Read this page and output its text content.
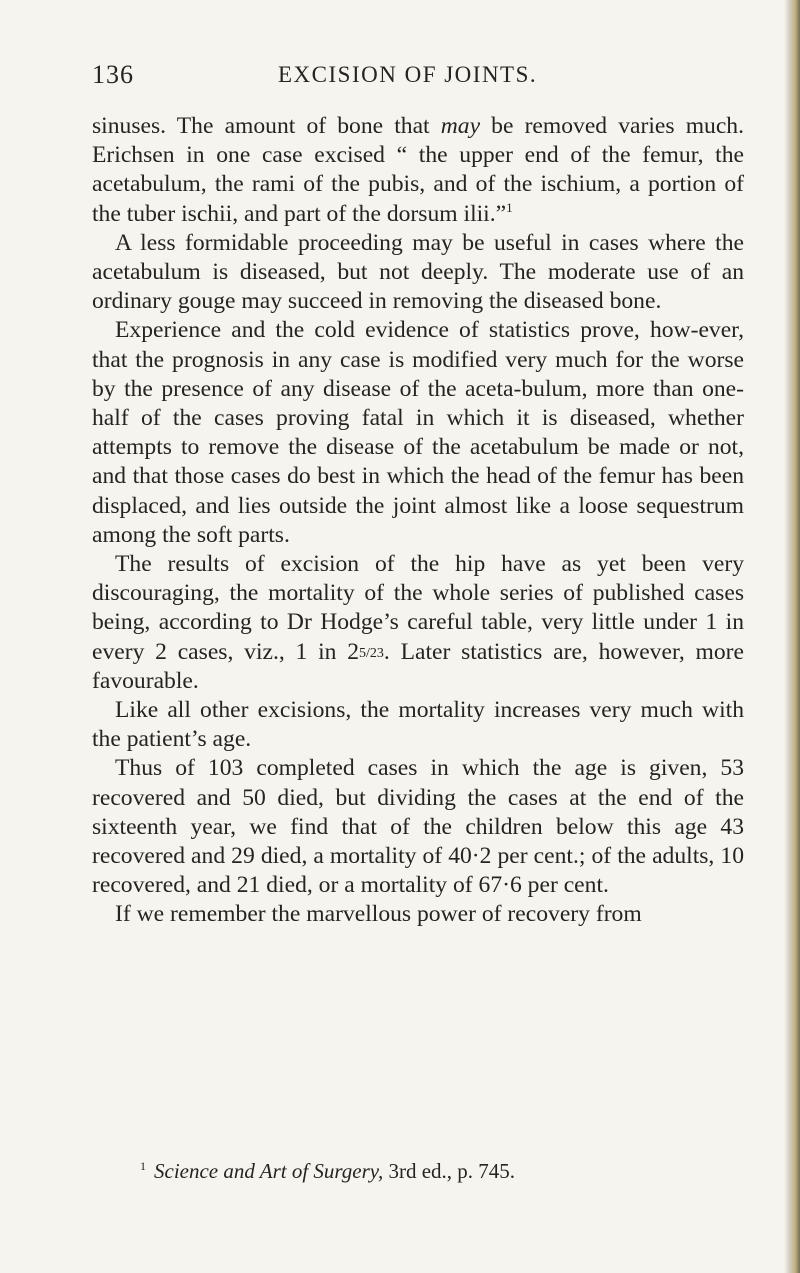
136	EXCISION OF JOINTS.

sinuses. The amount of bone that may be removed varies much. Erichsen in one case excised “ the upper end of the femur, the acetabulum, the rami of the pubis, and of the ischium, a portion of the tuber ischii, and part of the dorsum ilii.”$^1$

A less formidable proceeding may be useful in cases where the acetabulum is diseased, but not deeply. The moderate use of an ordinary gouge may succeed in removing the diseased bone.

Experience and the cold evidence of statistics prove, how-ever, that the prognosis in any case is modified very much for the worse by the presence of any disease of the aceta-bulum, more than one-half of the cases proving fatal in which it is diseased, whether attempts to remove the disease of the acetabulum be made or not, and that those cases do best in which the head of the femur has been displaced, and lies outside the joint almost like a loose sequestrum among the soft parts.

The results of excision of the hip have as yet been very discouraging, the mortality of the whole series of published cases being, according to Dr Hodge’s careful table, very little under 1 in every 2 cases, viz., 1 in 25/23. Later statistics are, however, more favourable.

Like all other excisions, the mortality increases very much with the patient’s age.

Thus of 103 completed cases in which the age is given, 53 recovered and 50 died, but dividing the cases at the end of the sixteenth year, we find that of the children below this age 43 recovered and 29 died, a mortality of 40·2 per cent.; of the adults, 10 recovered, and 21 died, or a mortality of 67·6 per cent.

If we remember the marvellous power of recovery from

$^1$ Science and Art of Surgery, 3rd ed., p. 745.
